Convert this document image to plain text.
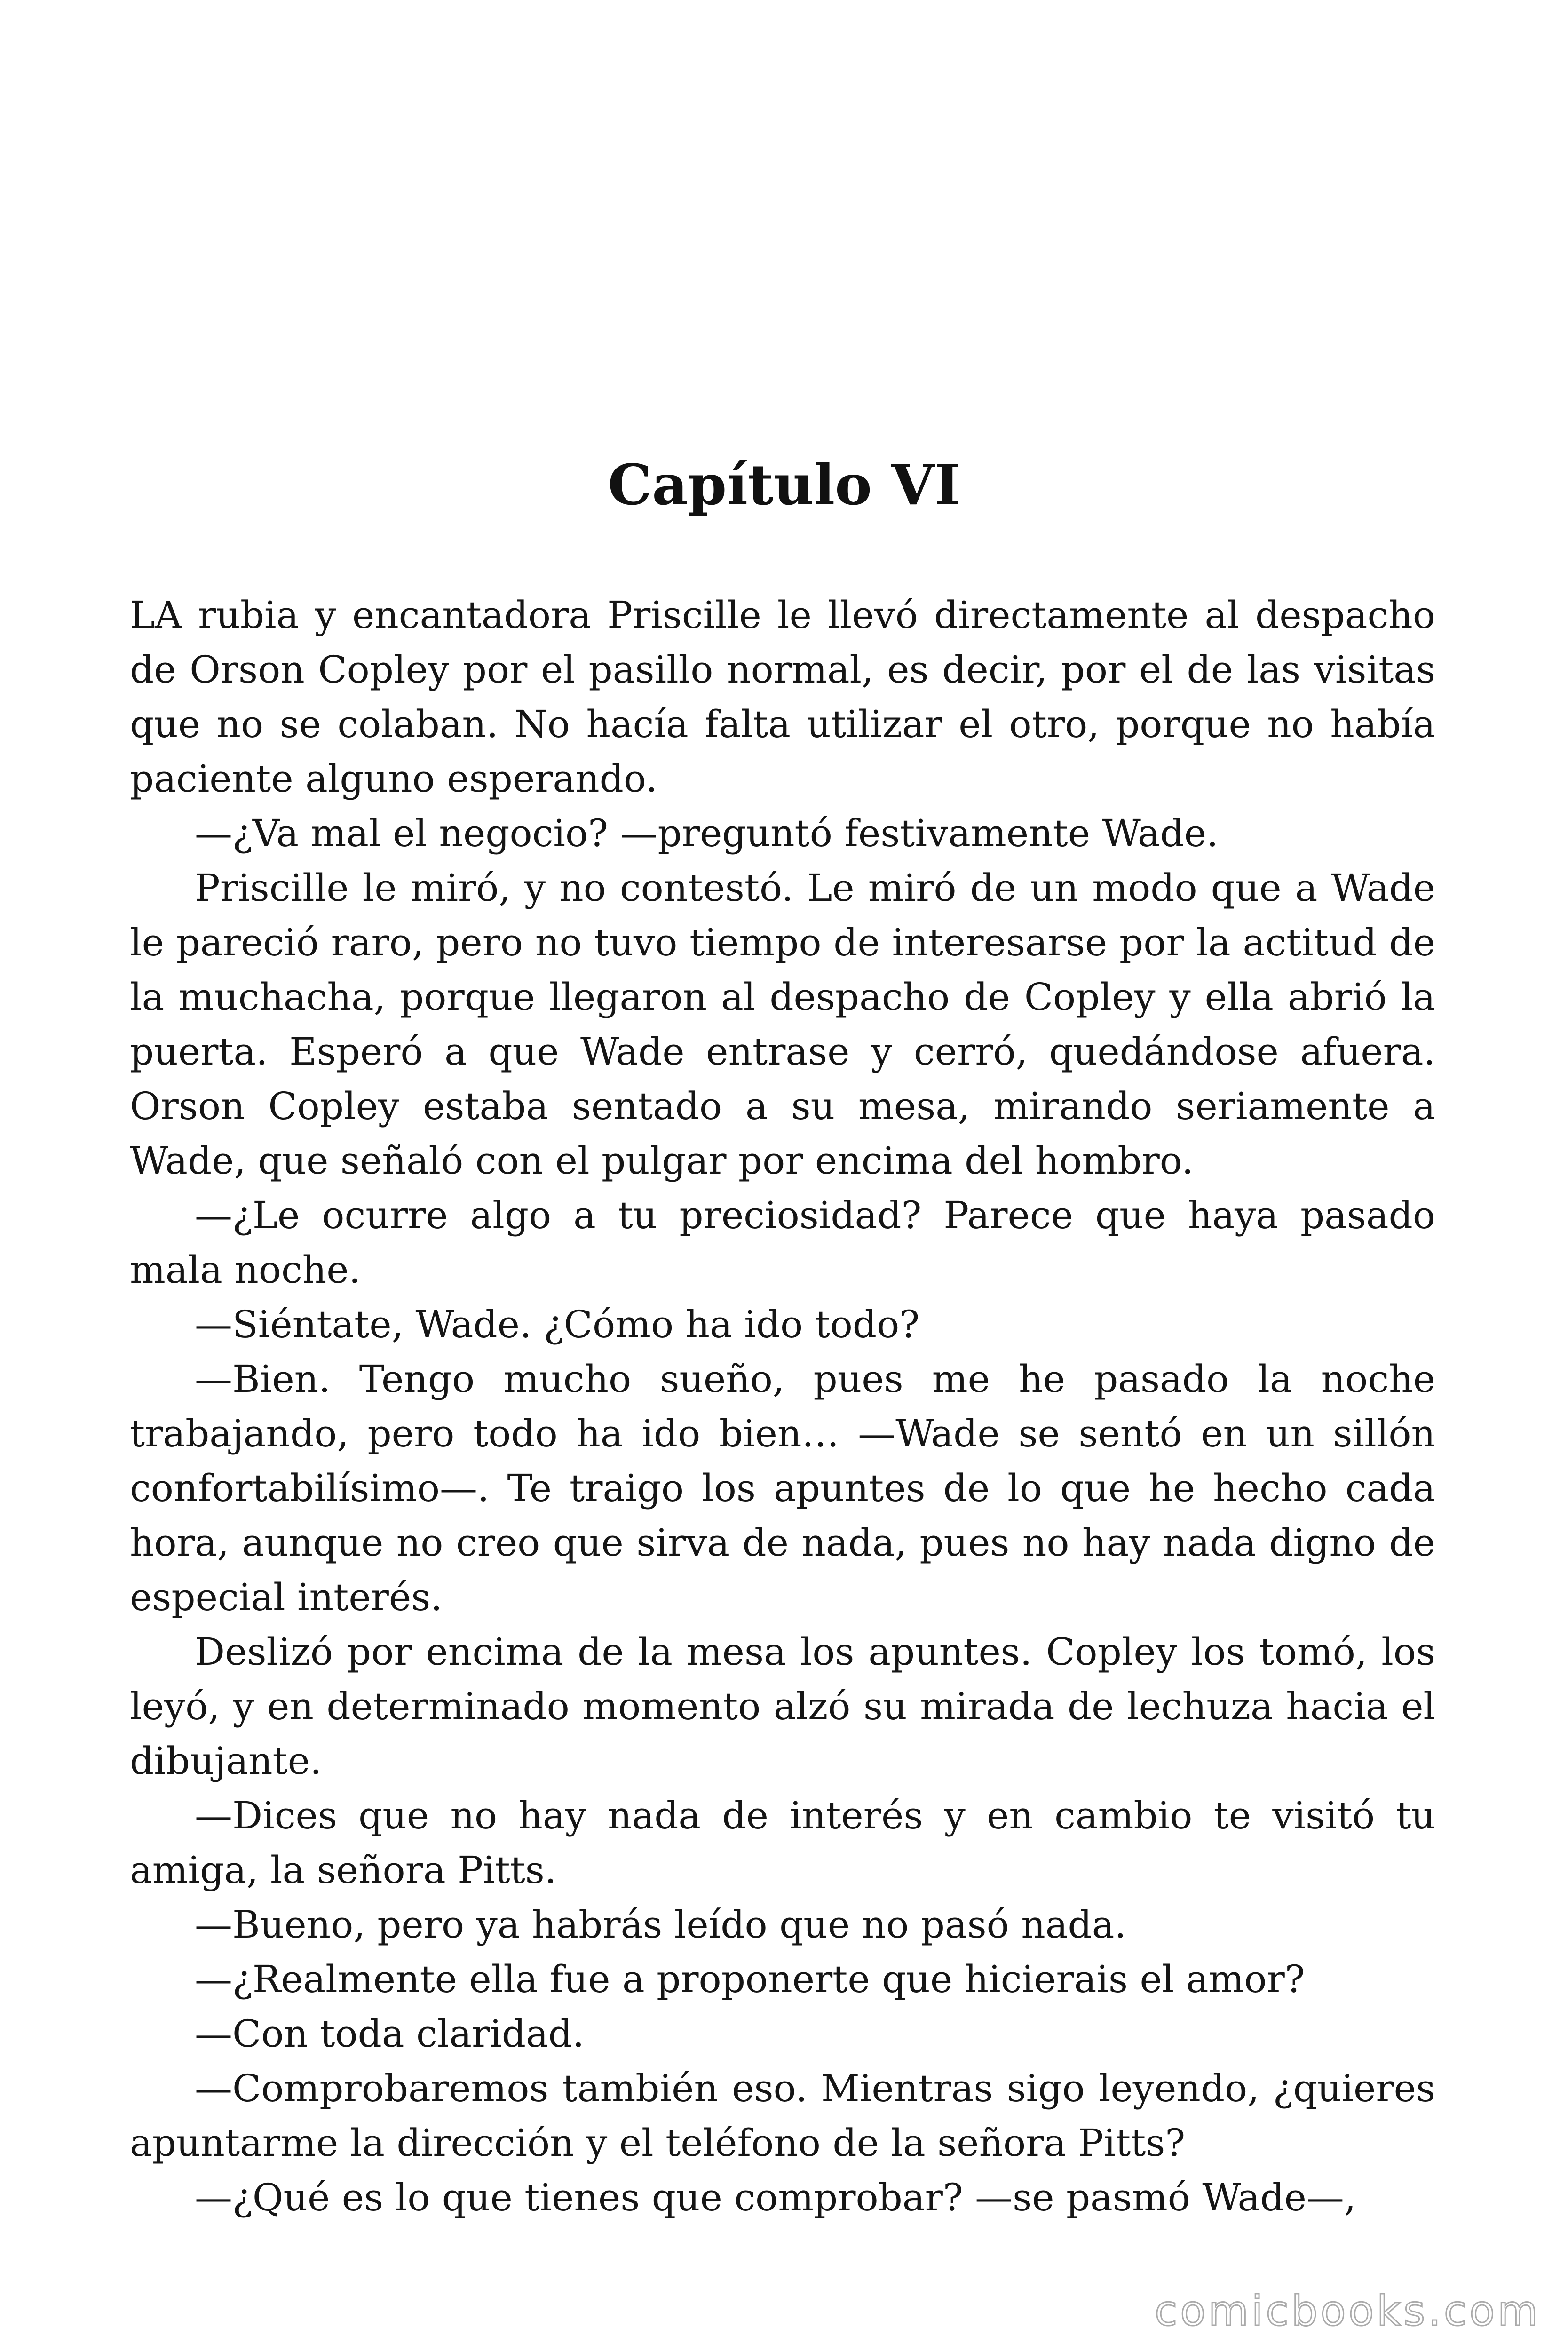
Capítulo VI

LA rubia y encantadora Priscille le llevó directamente al despacho de Orson Copley por el pasillo normal, es decir, por el de las visitas que no se colaban. No hacía falta utilizar el otro, porque no había paciente alguno esperando.

—¿Va mal el negocio? —preguntó festivamente Wade.

Priscille le miró, y no contestó. Le miró de un modo que a Wade le pareció raro, pero no tuvo tiempo de interesarse por la actitud de la muchacha, porque llegaron al despacho de Copley y ella abrió la puerta. Esperó a que Wade entrase y cerró, quedándose afuera. Orson Copley estaba sentado a su mesa, mirando seriamente a Wade, que señaló con el pulgar por encima del hombro.

—¿Le ocurre algo a tu preciosidad? Parece que haya pasado mala noche.

—Siéntate, Wade. ¿Cómo ha ido todo?

—Bien. Tengo mucho sueño, pues me he pasado la noche trabajando, pero todo ha ido bien… —Wade se sentó en un sillón confortabilísimo—. Te traigo los apuntes de lo que he hecho cada hora, aunque no creo que sirva de nada, pues no hay nada digno de especial interés.

Deslizó por encima de la mesa los apuntes. Copley los tomó, los leyó, y en determinado momento alzó su mirada de lechuza hacia el dibujante.

—Dices que no hay nada de interés y en cambio te visitó tu amiga, la señora Pitts.

—Bueno, pero ya habrás leído que no pasó nada.

—¿Realmente ella fue a proponerte que hicierais el amor?

—Con toda claridad.

—Comprobaremos también eso. Mientras sigo leyendo, ¿quieres apuntarme la dirección y el teléfono de la señora Pitts?

—¿Qué es lo que tienes que comprobar? —se pasmó Wade—,

comicbooks.com
